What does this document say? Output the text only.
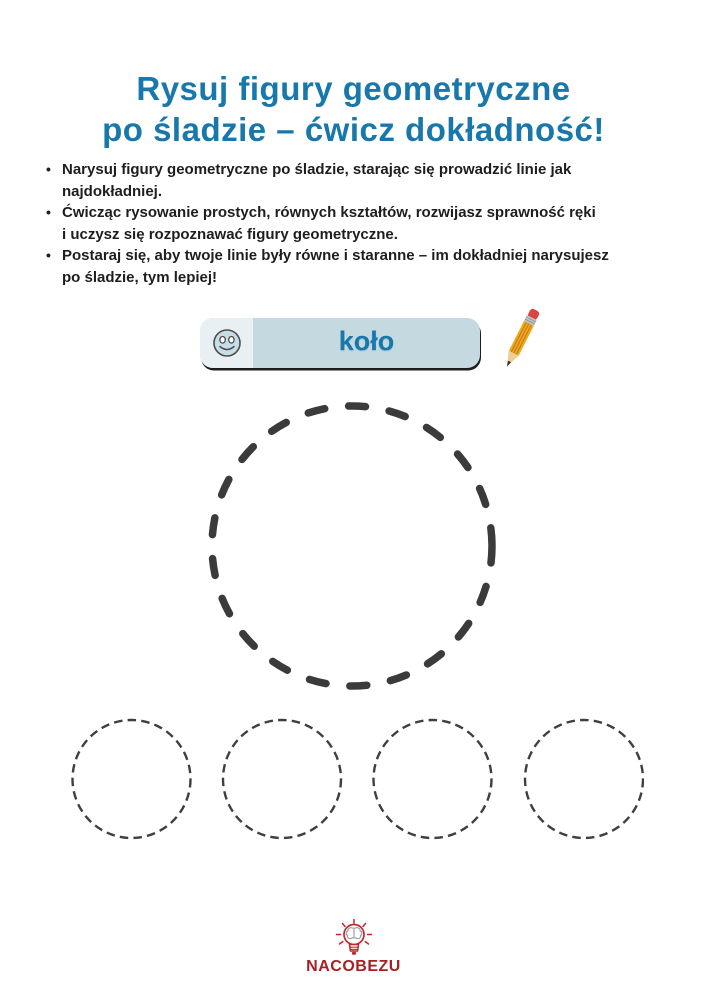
Rysuj figury geometryczne
po śladzie – ćwicz dokładność!
• Narysuj figury geometryczne po śladzie, starając się prowadzić linie jak
najdokładniej.
• Ćwicząc rysowanie prostych, równych kształtów, rozwijasz sprawność ręki
i uczysz się rozpoznawać figury geometryczne.
• Postaraj się, aby twoje linie były równe i staranne – im dokładniej narysujesz
po śladzie, tym lepiej!
koło
NACOBEZU
